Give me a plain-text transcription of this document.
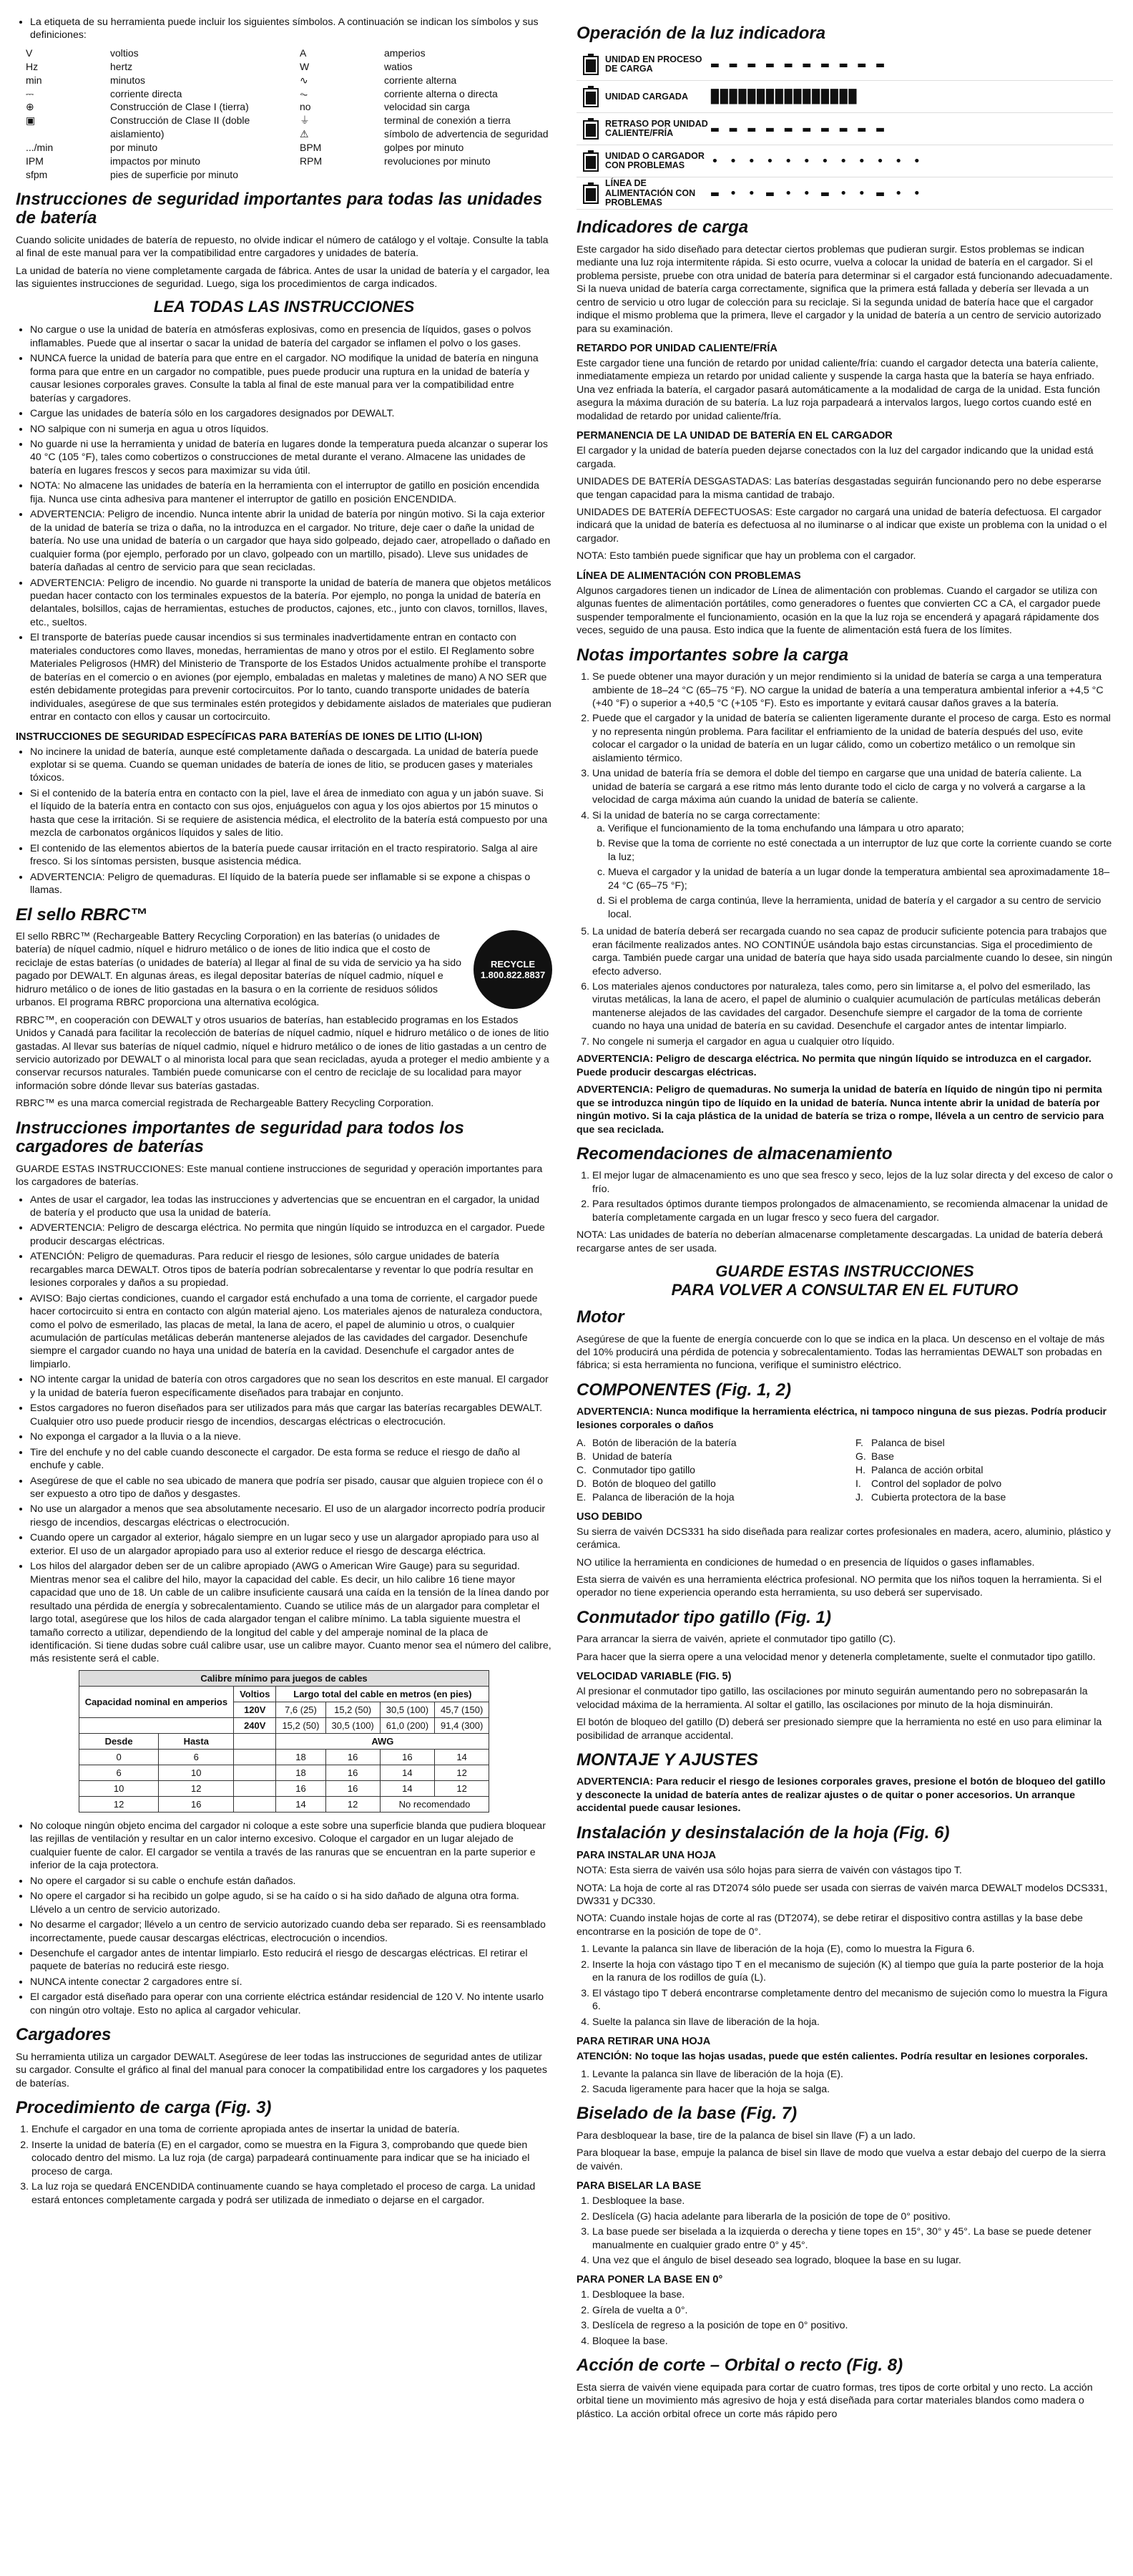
• La etiqueta de su herramienta puede incluir los siguientes símbolos. A continuación se indican los símbolos y sus definiciones:
V	voltios
Hz	hertz
min	minutos
⎓	corriente directa
⊕	Construcción de Clase I (tierra)
▣	Construcción de Clase II (doble aislamiento)
.../min	por minuto
IPM	impactos por minuto
sfpm	pies de superficie por minuto
A	amperios
W	watios
∿	corriente alterna
⏦	corriente alterna o directa
no	velocidad sin carga
⏚	terminal de conexión a tierra
⚠	símbolo de advertencia de seguridad
BPM	golpes por minuto
RPM	revoluciones por minuto
Instrucciones de seguridad importantes para todas las unidades de batería

Cuando solicite unidades de batería de repuesto, no olvide indicar el número de catálogo y el voltaje. Consulte la tabla al final de este manual para ver la compatibilidad entre cargadores y unidades de batería.

La unidad de batería no viene completamente cargada de fábrica. Antes de usar la unidad de batería y el cargador, lea las siguientes instrucciones de seguridad. Luego, siga los procedimientos de carga indicados.

LEA TODAS LAS INSTRUCCIONES
• No cargue o use la unidad de batería en atmósferas explosivas, como en presencia de líquidos, gases o polvos inflamables. Puede que al insertar o sacar la unidad de batería del cargador se inflamen el polvo o los gases.
• NUNCA fuerce la unidad de batería para que entre en el cargador. NO modifique la unidad de batería en ninguna forma para que entre en un cargador no compatible, pues puede producir una ruptura en la unidad de batería y causar lesiones corporales graves. Consulte la tabla al final de este manual para ver la compatibilidad entre baterías y cargadores.
• Cargue las unidades de batería sólo en los cargadores designados por DEWALT.
• NO salpique con ni sumerja en agua u otros líquidos.
• No guarde ni use la herramienta y unidad de batería en lugares donde la temperatura pueda alcanzar o superar los 40 °C (105 °F), tales como cobertizos o construcciones de metal durante el verano. Almacene las unidades de batería en lugares frescos y secos para maximizar su vida útil.
• NOTA: No almacene las unidades de batería en la herramienta con el interruptor de gatillo en posición encendida fija. Nunca use cinta adhesiva para mantener el interruptor de gatillo en posición ENCENDIDA.
• ADVERTENCIA: Peligro de incendio. Nunca intente abrir la unidad de batería por ningún motivo. Si la caja exterior de la unidad de batería se triza o daña, no la introduzca en el cargador. No triture, deje caer o dañe la unidad de batería. No use una unidad de batería o un cargador que haya sido golpeado, dejado caer, atropellado o dañado en cualquier forma (por ejemplo, perforado por un clavo, golpeado con un martillo, pisado). Lleve sus unidades de batería dañadas al centro de servicio para que sean recicladas.
• ADVERTENCIA: Peligro de incendio. No guarde ni transporte la unidad de batería de manera que objetos metálicos puedan hacer contacto con los terminales expuestos de la batería. Por ejemplo, no ponga la unidad de batería en delantales, bolsillos, cajas de herramientas, estuches de productos, cajones, etc., junto con clavos, tornillos, llaves, etc., sueltos.
• El transporte de baterías puede causar incendios si sus terminales inadvertidamente entran en contacto con materiales conductores como llaves, monedas, herramientas de mano y otros por el estilo. El Reglamento sobre Materiales Peligrosos (HMR) del Ministerio de Transporte de los Estados Unidos actualmente prohíbe el transporte de baterías en el comercio o en aviones (por ejemplo, embaladas en maletas y maletines de mano) A NO SER que estén debidamente protegidas para prevenir cortocircuitos. Por lo tanto, cuando transporte unidades de batería individuales, asegúrese de que sus terminales estén protegidos y debidamente aislados de materiales que pudieran entrar en contacto con ellos y causar un cortocircuito.
INSTRUCCIONES DE SEGURIDAD ESPECÍFICAS PARA BATERÍAS DE IONES DE LITIO (LI-ION)
• No incinere la unidad de batería, aunque esté completamente dañada o descargada. La unidad de batería puede explotar si se quema. Cuando se queman unidades de batería de iones de litio, se producen gases y materiales tóxicos.
• Si el contenido de la batería entra en contacto con la piel, lave el área de inmediato con agua y un jabón suave. Si el líquido de la batería entra en contacto con sus ojos, enjuáguelos con agua y los ojos abiertos por 15 minutos o hasta que cese la irritación. Si se requiere de asistencia médica, el electrolito de la batería está compuesto por una mezcla de carbonatos orgánicos líquidos y sales de litio.
• El contenido de las elementos abiertos de la batería puede causar irritación en el tracto respiratorio. Salga al aire fresco. Si los síntomas persisten, busque asistencia médica.
• ADVERTENCIA: Peligro de quemaduras. El líquido de la batería puede ser inflamable si se expone a chispas o llamas.
El sello RBRC™

El sello RBRC™ (Rechargeable Battery Recycling Corporation) en las baterías (o unidades de batería) de níquel cadmio, níquel e hidruro metálico o de iones de litio indica que el costo de reciclaje de estas baterías (o unidades de batería) al llegar al final de su vida de servicio ya ha sido pagado por DEWALT. En algunas áreas, es ilegal depositar baterías de níquel cadmio, níquel e hidruro metálico o de iones de litio gastadas en la basura o en la corriente de residuos sólidos urbanos. El programa RBRC proporciona una alternativa ecológica.

RECYCLE 1.800.822.8837

RBRC™, en cooperación con DEWALT y otros usuarios de baterías, han establecido programas en los Estados Unidos y Canadá para facilitar la recolección de baterías de níquel cadmio, níquel e hidruro metálico o de iones de litio gastadas. Al llevar sus baterías de níquel cadmio, níquel e hidruro metálico o de iones de litio gastadas a un centro de servicio autorizado por DEWALT o al minorista local para que sean recicladas, ayuda a proteger el medio ambiente y a conservar recursos naturales. También puede comunicarse con el centro de reciclaje de su localidad para mayor información sobre dónde llevar sus baterías gastadas.

RBRC™ es una marca comercial registrada de Rechargeable Battery Recycling Corporation.

Instrucciones importantes de seguridad para todos los cargadores de baterías

GUARDE ESTAS INSTRUCCIONES: Este manual contiene instrucciones de seguridad y operación importantes para los cargadores de baterías.

• Antes de usar el cargador, lea todas las instrucciones y advertencias que se encuentran en el cargador, la unidad de batería y el producto que usa la unidad de batería.
• ADVERTENCIA: Peligro de descarga eléctrica. No permita que ningún líquido se introduzca en el cargador. Puede producir descargas eléctricas.
• ATENCIÓN: Peligro de quemaduras. Para reducir el riesgo de lesiones, sólo cargue unidades de batería recargables marca DEWALT. Otros tipos de batería podrían sobrecalentarse y reventar lo que podría resultar en lesiones corporales y daños a su propiedad.
• AVISO: Bajo ciertas condiciones, cuando el cargador está enchufado a una toma de corriente, el cargador puede hacer cortocircuito si entra en contacto con algún material ajeno. Los materiales ajenos de naturaleza conductora, como el polvo de esmerilado, las placas de metal, la lana de acero, el papel de aluminio u otros, o cualquier acumulación de partículas metálicas deberán mantenerse alejados de las cavidades del cargador. Desenchufe siempre el cargador cuando no haya una unidad de batería en la cavidad. Desenchufe el cargador antes de limpiarlo.
• NO intente cargar la unidad de batería con otros cargadores que no sean los descritos en este manual. El cargador y la unidad de batería fueron específicamente diseñados para trabajar en conjunto.
• Estos cargadores no fueron diseñados para ser utilizados para más que cargar las baterías recargables DEWALT. Cualquier otro uso puede producir riesgo de incendios, descargas eléctricas o electrocución.
• No exponga el cargador a la lluvia o a la nieve.
• Tire del enchufe y no del cable cuando desconecte el cargador. De esta forma se reduce el riesgo de daño al enchufe y cable.
• Asegúrese de que el cable no sea ubicado de manera que podría ser pisado, causar que alguien tropiece con él o ser expuesto a otro tipo de daños y desgastes.
• No use un alargador a menos que sea absolutamente necesario. El uso de un alargador incorrecto podría producir riesgo de incendios, descargas eléctricas o electrocución.
• Cuando opere un cargador al exterior, hágalo siempre en un lugar seco y use un alargador apropiado para uso al exterior. El uso de un alargador apropiado para uso al exterior reduce el riesgo de descarga eléctrica.
• Los hilos del alargador deben ser de un calibre apropiado (AWG o American Wire Gauge) para su seguridad. Mientras menor sea el calibre del hilo, mayor la capacidad del cable. Es decir, un hilo calibre 16 tiene mayor capacidad que uno de 18. Un cable de un calibre insuficiente causará una caída en la tensión de la línea dando por resultado una pérdida de energía y sobrecalentamiento. Cuando se utilice más de un alargador para completar el largo total, asegúrese que los hilos de cada alargador tengan el calibre mínimo. La tabla siguiente muestra el tamaño correcto a utilizar, dependiendo de la longitud del cable y del amperaje nominal de la placa de identificación. Si tiene dudas sobre cuál calibre usar, use un calibre mayor. Cuanto menor sea el número del calibre, más resistente será el cable.
Calibre mínimo para juegos de cables						
Capacidad nominal en amperios		Voltios	Largo total del cable en metros (en pies)			
		120V	7,6 (25)	15,2 (50)	30,5 (100)	45,7 (150)
		240V	15,2 (50)	30,5 (100)	61,0 (200)	91,4 (300)
Desde	Hasta		AWG			
0	6		18	16	16	14
6	10		18	16	14	12
10	12		16	16	14	12
12	16		14	12	No recomendado	
• No coloque ningún objeto encima del cargador ni coloque a este sobre una superficie blanda que pudiera bloquear las rejillas de ventilación y resultar en un calor interno excesivo. Coloque el cargador en un lugar alejado de cualquier fuente de calor. El cargador se ventila a través de las ranuras que se encuentran en la parte superior e inferior de la caja protectora.
• No opere el cargador si su cable o enchufe están dañados.
• No opere el cargador si ha recibido un golpe agudo, si se ha caído o si ha sido dañado de alguna otra forma. Llévelo a un centro de servicio autorizado.
• No desarme el cargador; llévelo a un centro de servicio autorizado cuando deba ser reparado. Si es reensamblado incorrectamente, puede causar descargas eléctricas, electrocución o incendios.
• Desenchufe el cargador antes de intentar limpiarlo. Esto reducirá el riesgo de descargas eléctricas. El retirar el paquete de baterías no reducirá este riesgo.
• NUNCA intente conectar 2 cargadores entre sí.
• El cargador está diseñado para operar con una corriente eléctrica estándar residencial de 120 V. No intente usarlo con ningún otro voltaje. Esto no aplica al cargador vehicular.
Cargadores

Su herramienta utiliza un cargador DEWALT. Asegúrese de leer todas las instrucciones de seguridad antes de utilizar su cargador. Consulte el gráfico al final del manual para conocer la compatibilidad entre los cargadores y los paquetes de baterías.

Procedimiento de carga (Fig. 3)
1. Enchufe el cargador en una toma de corriente apropiada antes de insertar la unidad de batería.
2. Inserte la unidad de batería (E) en el cargador, como se muestra en la Figura 3, comprobando que quede bien colocado dentro del mismo. La luz roja (de carga) parpadeará continuamente para indicar que se ha iniciado el proceso de carga.
3. La luz roja se quedará ENCENDIDA continuamente cuando se haya completado el proceso de carga. La unidad estará entonces completamente cargada y podrá ser utilizada de inmediato o dejarse en el cargador.
Operación de la luz indicadora
UNIDAD EN PROCESO DE CARGA	▬ ▬ ▬ ▬ ▬ ▬ ▬ ▬ ▬ ▬
UNIDAD CARGADA	████████████████
RETRASO POR UNIDAD CALIENTE/FRÍA	▬ ▬ ▬ ▬ ▬ ▬ ▬ ▬ ▬ ▬
UNIDAD O CARGADOR CON PROBLEMAS	• • • • • • • • • • • •
LÍNEA DE ALIMENTACIÓN CON PROBLEMAS
▬ • • ▬ • • ▬ • • ▬ • •
Indicadores de carga

Este cargador ha sido diseñado para detectar ciertos problemas que pudieran surgir. Estos problemas se indican mediante una luz roja intermitente rápida. Si esto ocurre, vuelva a colocar la unidad de batería en el cargador. Si el problema persiste, pruebe con otra unidad de batería para determinar si el cargador está funcionando adecuadamente. Si la nueva unidad de batería carga correctamente, significa que la primera está fallada y debería ser llevada a un centro de servicio u otro lugar de colección para su reciclaje. Si la segunda unidad de batería hace que el cargador indique el mismo problema que la primera, lleve el cargador y la unidad de batería a un centro de servicio autorizado para su examinación.

RETARDO POR UNIDAD CALIENTE/FRÍA

Este cargador tiene una función de retardo por unidad caliente/fría: cuando el cargador detecta una batería caliente, inmediatamente empieza un retardo por unidad caliente y suspende la carga hasta que la batería se haya enfriado. Una vez enfriada la batería, el cargador pasará automáticamente a la modalidad de carga de la unidad. Esta función asegura la máxima duración de su batería. La luz roja parpadeará a intervalos largos, luego cortos cuando esté en modalidad de retardo por unidad caliente/fría.

PERMANENCIA DE LA UNIDAD DE BATERÍA EN EL CARGADOR

El cargador y la unidad de batería pueden dejarse conectados con la luz del cargador indicando que la unidad está cargada.

UNIDADES DE BATERÍA DESGASTADAS: Las baterías desgastadas seguirán funcionando pero no debe esperarse que tengan capacidad para la misma cantidad de trabajo.

UNIDADES DE BATERÍA DEFECTUOSAS: Este cargador no cargará una unidad de batería defectuosa. El cargador indicará que la unidad de batería es defectuosa al no iluminarse o al indicar que existe un problema con la unidad o el cargador.

NOTA: Esto también puede significar que hay un problema con el cargador.

LÍNEA DE ALIMENTACIÓN CON PROBLEMAS

Algunos cargadores tienen un indicador de Línea de alimentación con problemas. Cuando el cargador se utiliza con algunas fuentes de alimentación portátiles, como generadores o fuentes que convierten CC a CA, el cargador puede suspender temporalmente el funcionamiento, ocasión en la que la luz roja se encenderá y apagará rápidamente dos veces, seguido de una pausa. Esto indica que la fuente de alimentación está fuera de los límites.

Notas importantes sobre la carga
1. Se puede obtener una mayor duración y un mejor rendimiento si la unidad de batería se carga a una temperatura ambiente de 18–24 °C (65–75 °F). NO cargue la unidad de batería a una temperatura ambiental inferior a +4,5 °C (+40 °F) o superior a +40,5 °C (+105 °F). Esto es importante y evitará causar daños graves a la batería.
2. Puede que el cargador y la unidad de batería se calienten ligeramente durante el proceso de carga. Esto es normal y no representa ningún problema. Para facilitar el enfriamiento de la unidad de batería después del uso, evite colocar el cargador o la unidad de batería en un lugar cálido, como un cobertizo metálico o un remolque sin aislamiento térmico.
3. Una unidad de batería fría se demora el doble del tiempo en cargarse que una unidad de batería caliente. La unidad de batería se cargará a ese ritmo más lento durante todo el ciclo de carga y no volverá a cargarse a la velocidad de carga máxima aún cuando la unidad de batería se caliente.
4. Si la unidad de batería no se carga correctamente:
a. Verifique el funcionamiento de la toma enchufando una lámpara u otro aparato;
b. Revise que la toma de corriente no esté conectada a un interruptor de luz que corte la corriente cuando se corte la luz;
c. Mueva el cargador y la unidad de batería a un lugar donde la temperatura ambiental sea aproximadamente 18–24 °C (65–75 °F);
d. Si el problema de carga continúa, lleve la herramienta, unidad de batería y el cargador a su centro de servicio local.
5. La unidad de batería deberá ser recargada cuando no sea capaz de producir suficiente potencia para trabajos que eran fácilmente realizados antes. NO CONTINÚE usándola bajo estas circunstancias. Siga el procedimiento de carga. También puede cargar una unidad de batería que haya sido usada parcialmente cuando lo desee, sin ningún efecto adverso.
6. Los materiales ajenos conductores por naturaleza, tales como, pero sin limitarse a, el polvo del esmerilado, las virutas metálicas, la lana de acero, el papel de aluminio o cualquier acumulación de partículas metálicas deberán mantenerse alejados de las cavidades del cargador. Desenchufe siempre el cargador de la toma de corriente cuando no haya una unidad de batería en su cavidad. Desenchufe el cargador antes de intentar limpiarlo.
7. No congele ni sumerja el cargador en agua u cualquier otro líquido.

ADVERTENCIA: Peligro de descarga eléctrica. No permita que ningún líquido se introduzca en el cargador. Puede producir descargas eléctricas.

ADVERTENCIA: Peligro de quemaduras. No sumerja la unidad de batería en líquido de ningún tipo ni permita que se introduzca ningún tipo de líquido en la unidad de batería. Nunca intente abrir la unidad de batería por ningún motivo. Si la caja plástica de la unidad de batería se triza o rompe, llévela a un centro de servicio para que sea reciclada.

Recomendaciones de almacenamiento
1. El mejor lugar de almacenamiento es uno que sea fresco y seco, lejos de la luz solar directa y del exceso de calor o frío.
2. Para resultados óptimos durante tiempos prolongados de almacenamiento, se recomienda almacenar la unidad de batería completamente cargada en un lugar fresco y seco fuera del cargador.

NOTA: Las unidades de batería no deberían almacenarse completamente descargadas. La unidad de batería deberá recargarse antes de ser usada.

GUARDE ESTAS INSTRUCCIONES
PARA VOLVER A CONSULTAR EN EL FUTURO
Motor

Asegúrese de que la fuente de energía concuerde con lo que se indica en la placa. Un descenso en el voltaje de más del 10% producirá una pérdida de potencia y sobrecalentamiento. Todas las herramientas DEWALT son probadas en fábrica; si esta herramienta no funciona, verifique el suministro eléctrico.

COMPONENTES (Fig. 1, 2)

ADVERTENCIA: Nunca modifique la herramienta eléctrica, ni tampoco ninguna de sus piezas. Podría producir lesiones corporales o daños

A. Botón de liberación de la batería
B. Unidad de batería
C. Conmutador tipo gatillo
D. Botón de bloqueo del gatillo
E. Palanca de liberación de la hoja
F. Palanca de bisel
G. Base
H. Palanca de acción orbital
I.	Control del soplador de polvo
J. Cubierta protectora de la base
USO DEBIDO

Su sierra de vaivén DCS331 ha sido diseñada para realizar cortes profesionales en madera, acero, aluminio, plástico y cerámica.

NO utilice la herramienta en condiciones de humedad o en presencia de líquidos o gases inflamables.

Esta sierra de vaivén es una herramienta eléctrica profesional. NO permita que los niños toquen la herramienta. Si el operador no tiene experiencia operando esta herramienta, su uso deberá ser supervisado.

Conmutador tipo gatillo (Fig. 1)

Para arrancar la sierra de vaivén, apriete el conmutador tipo gatillo (C).

Para hacer que la sierra opere a una velocidad menor y detenerla completamente, suelte el conmutador tipo gatillo.

VELOCIDAD VARIABLE (FIG. 5)

Al presionar el conmutador tipo gatillo, las oscilaciones por minuto seguirán aumentando pero no sobrepasarán la velocidad máxima de la herramienta. Al soltar el gatillo, las oscilaciones por minuto de la hoja disminuirán.

El botón de bloqueo del gatillo (D) deberá ser presionado siempre que la herramienta no esté en uso para eliminar la posibilidad de arranque accidental.

MONTAJE Y AJUSTES

ADVERTENCIA: Para reducir el riesgo de lesiones corporales graves, presione el botón de bloqueo del gatillo y desconecte la unidad de batería antes de realizar ajustes o de quitar o poner accesorios. Un arranque accidental puede causar lesiones.

Instalación y desinstalación de la hoja (Fig. 6)
PARA INSTALAR UNA HOJA

NOTA: Esta sierra de vaivén usa sólo hojas para sierra de vaivén con vástagos tipo T.

NOTA: La hoja de corte al ras DT2074 sólo puede ser usada con sierras de vaivén marca DEWALT modelos DCS331, DW331 y DC330.

NOTA: Cuando instale hojas de corte al ras (DT2074), se debe retirar el dispositivo contra astillas y la base debe encontrarse en la posición de tope de 0°.

1. Levante la palanca sin llave de liberación de la hoja (E), como lo muestra la Figura 6.
2. Inserte la hoja con vástago tipo T en el mecanismo de sujeción (K) al tiempo que guía la parte posterior de la hoja en la ranura de los rodillos de guía (L).
3. El vástago tipo T deberá encontrarse completamente dentro del mecanismo de sujeción como lo muestra la Figura 6.
4. Suelte la palanca sin llave de liberación de la hoja.
PARA RETIRAR UNA HOJA

ATENCIÓN: No toque las hojas usadas, puede que estén calientes. Podría resultar en lesiones corporales.

1. Levante la palanca sin llave de liberación de la hoja (E).
2. Sacuda ligeramente para hacer que la hoja se salga.
Biselado de la base (Fig. 7)

Para desbloquear la base, tire de la palanca de bisel sin llave (F) a un lado.

Para bloquear la base, empuje la palanca de bisel sin llave de modo que vuelva a estar debajo del cuerpo de la sierra de vaivén.

PARA BISELAR LA BASE
1. Desbloquee la base.
2. Deslícela (G) hacia adelante para liberarla de la posición de tope de 0° positivo.
3. La base puede ser biselada a la izquierda o derecha y tiene topes en 15°, 30° y 45°. La base se puede detener manualmente en cualquier grado entre 0° y 45°.
4. Una vez que el ángulo de bisel deseado sea logrado, bloquee la base en su lugar.
PARA PONER LA BASE EN 0°
1. Desbloquee la base.
2. Gírela de vuelta a 0°.
3. Deslícela de regreso a la posición de tope en 0° positivo.
4. Bloquee la base.
Acción de corte – Orbital o recto (Fig. 8)

Esta sierra de vaivén viene equipada para cortar de cuatro formas, tres tipos de corte orbital y uno recto. La acción orbital tiene un movimiento más agresivo de hoja y está diseñada para cortar materiales blandos como madera o plástico. La acción orbital ofrece un corte más rápido pero
